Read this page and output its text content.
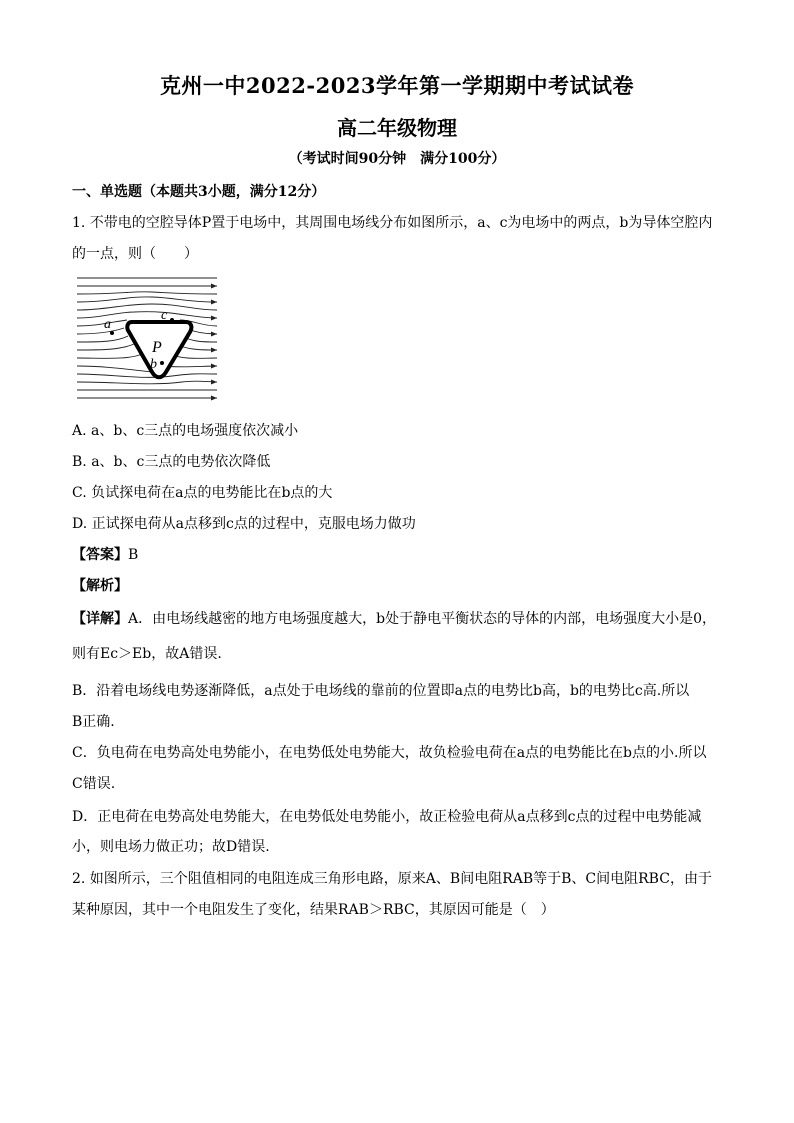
克州一中2022-2023学年第一学期期中考试试卷
高二年级物理
（考试时间90分钟　满分100分）
一、单选题（本题共3小题，满分12分）
1. 不带电的空腔导体P置于电场中，其周围电场线分布如图所示，a、c为电场中的两点，b为导体空腔内
的一点，则（　　）
a
c
P
b
A. a、b、c三点的电场强度依次减小
B. a、b、c三点的电势依次降低
C. 负试探电荷在a点的电势能比在b点的大
D. 正试探电荷从a点移到c点的过程中，克服电场力做功
【答案】B
【解析】
【详解】A．由电场线越密的地方电场强度越大，b处于静电平衡状态的导体的内部，电场强度大小是0，
则有Ec＞Eb，故A错误.
B．沿着电场线电势逐渐降低，a点处于电场线的靠前的位置即a点的电势比b高，b的电势比c高.所以
B正确.
C．负电荷在电势高处电势能小，在电势低处电势能大，故负检验电荷在a点的电势能比在b点的小.所以
C错误.
D．正电荷在电势高处电势能大，在电势低处电势能小，故正检验电荷从a点移到c点的过程中电势能减
小，则电场力做正功；故D错误.
2. 如图所示，三个阻值相同的电阻连成三角形电路，原来A、B间电阻RAB等于B、C间电阻RBC，由于
某种原因，其中一个电阻发生了变化，结果RAB＞RBC，其原因可能是（　）
